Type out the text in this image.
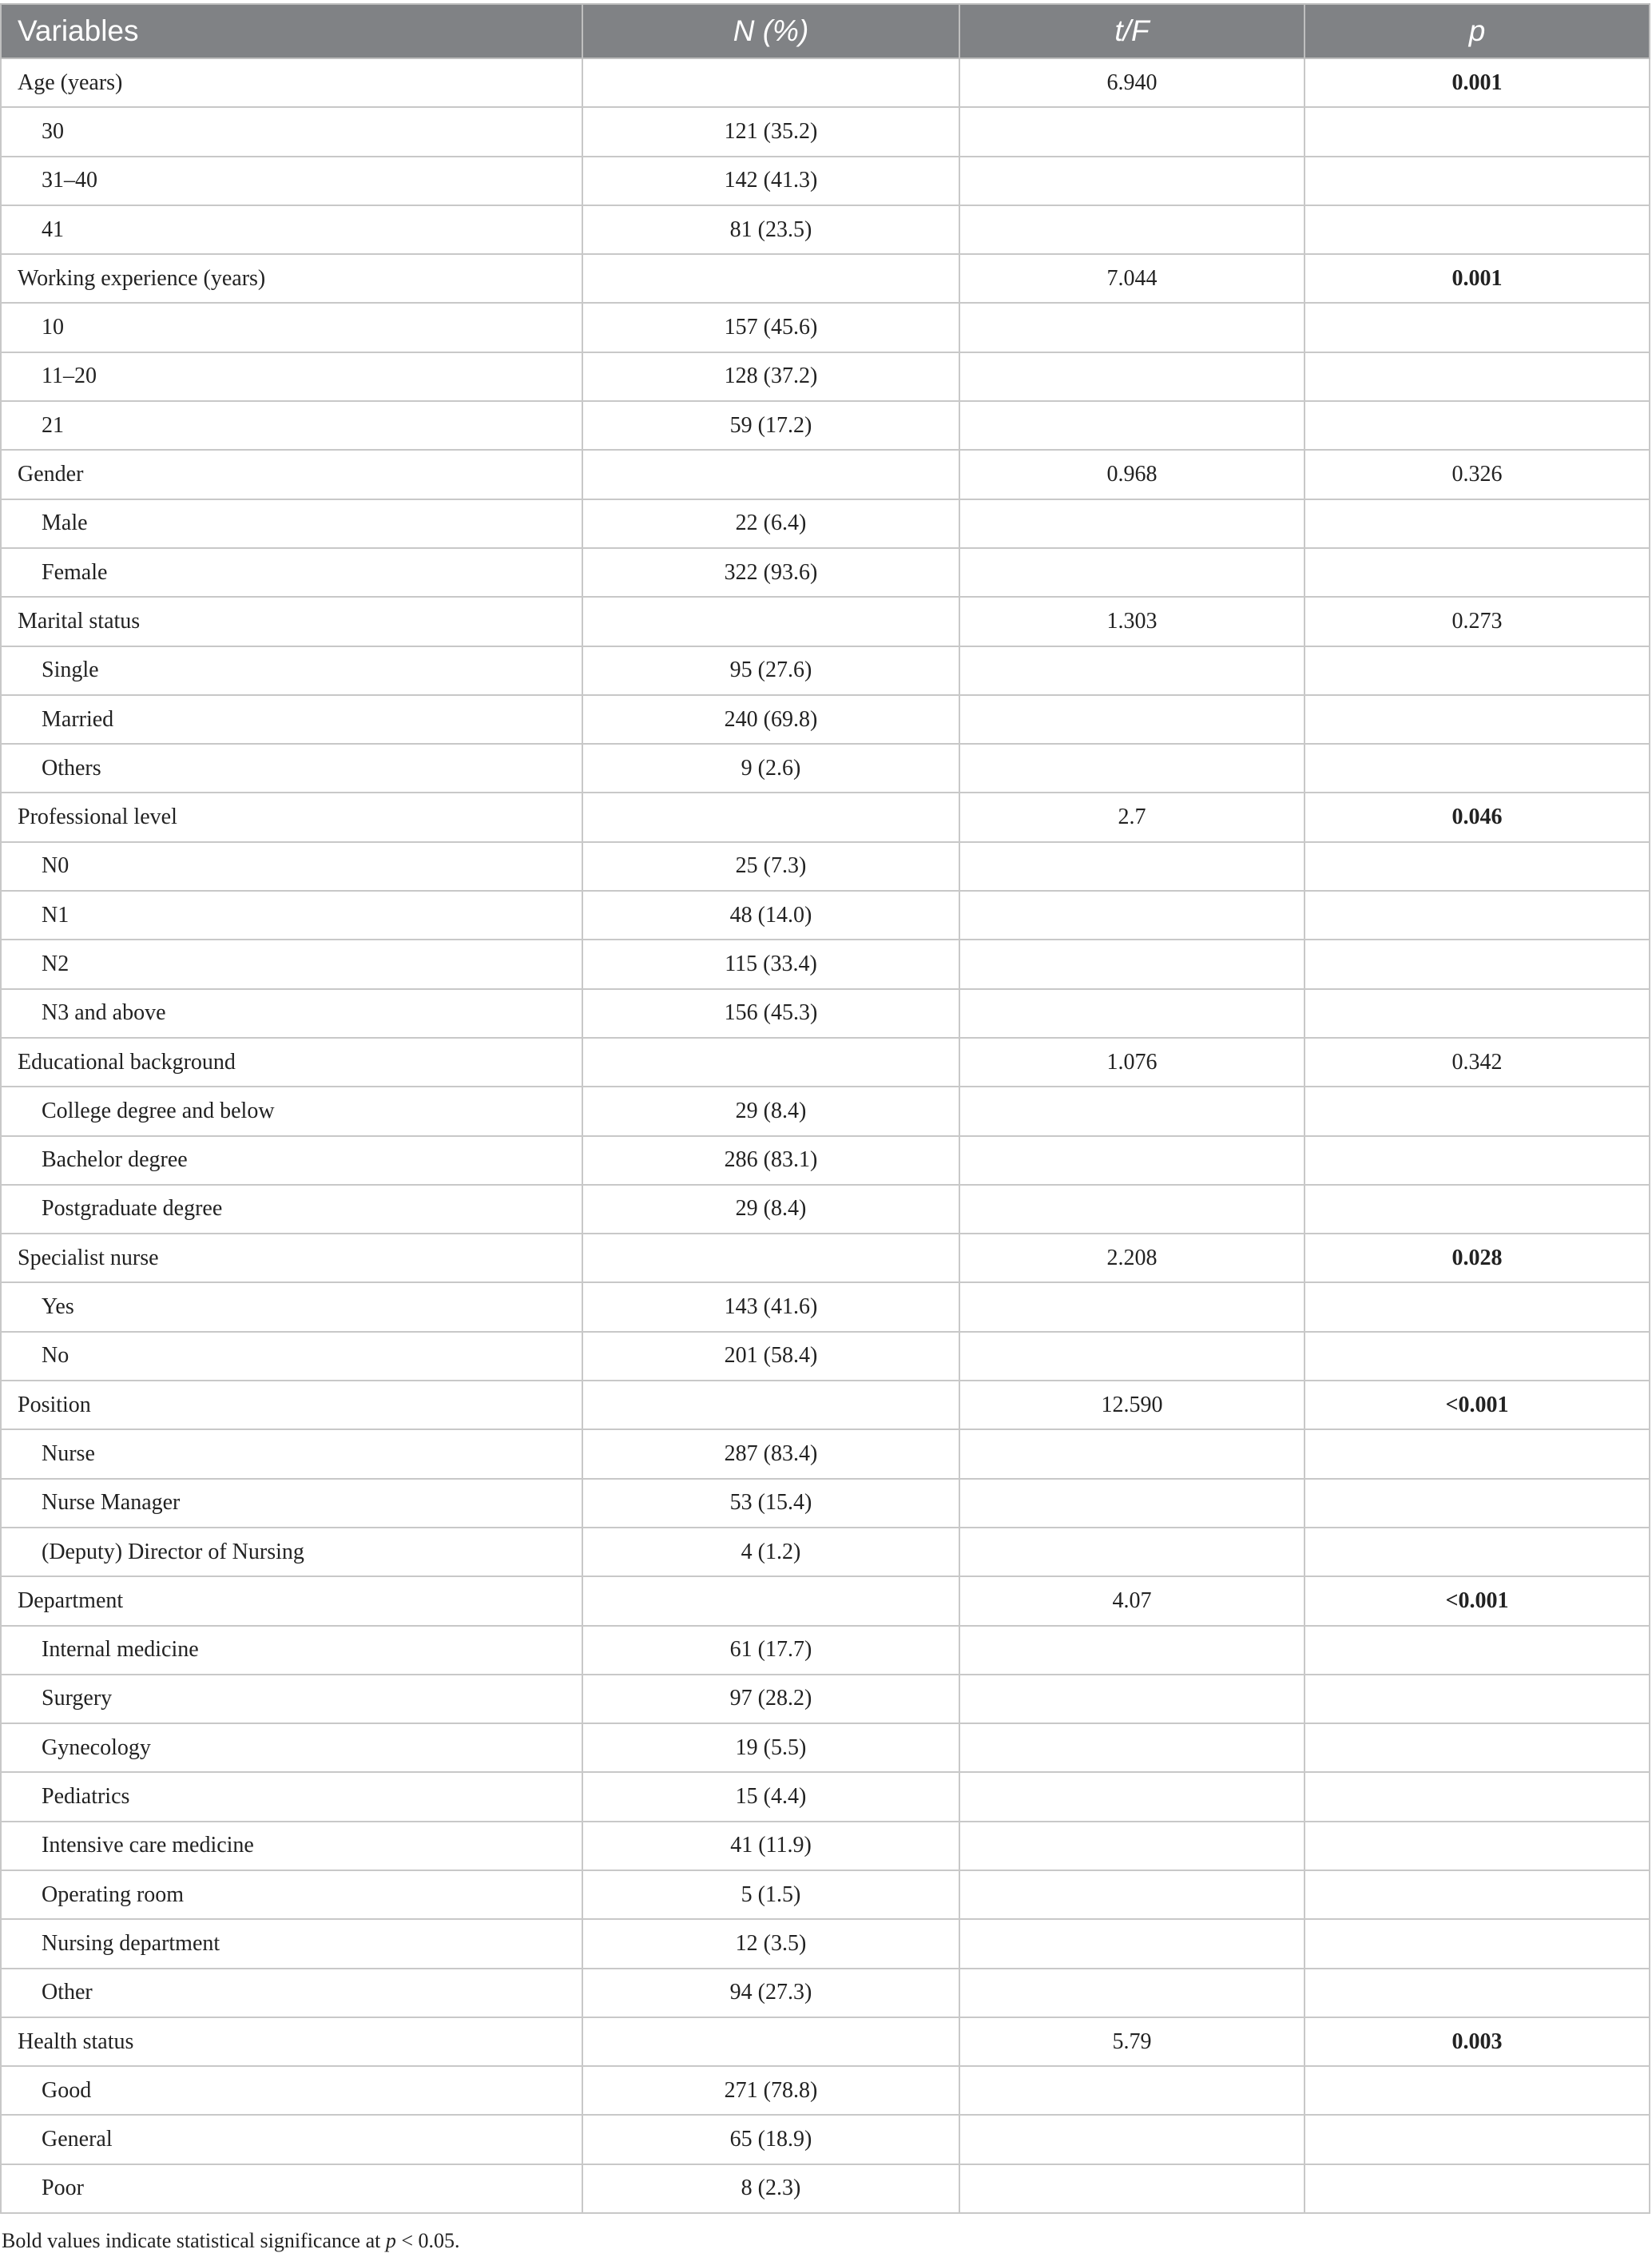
Variables	N (%)	t/F	p
Age (years)		6.940	0.001
30	121 (35.2)		
31–40	142 (41.3)		
41	81 (23.5)		
Working experience (years)		7.044	0.001
10	157 (45.6)		
11–20	128 (37.2)		
21	59 (17.2)		
Gender		0.968	0.326
Male	22 (6.4)		
Female	322 (93.6)		
Marital status		1.303	0.273
Single	95 (27.6)		
Married	240 (69.8)		
Others	9 (2.6)		
Professional level		2.7	0.046
N0	25 (7.3)		
N1	48 (14.0)		
N2	115 (33.4)		
N3 and above	156 (45.3)		
Educational background		1.076	0.342
College degree and below	29 (8.4)		
Bachelor degree	286 (83.1)		
Postgraduate degree	29 (8.4)		
Specialist nurse		2.208	0.028
Yes	143 (41.6)		
No	201 (58.4)		
Position		12.590	<0.001
Nurse	287 (83.4)		
Nurse Manager	53 (15.4)		
(Deputy) Director of Nursing	4 (1.2)		
Department		4.07	<0.001
Internal medicine	61 (17.7)		
Surgery	97 (28.2)		
Gynecology	19 (5.5)		
Pediatrics	15 (4.4)		
Intensive care medicine	41 (11.9)		
Operating room	5 (1.5)		
Nursing department	12 (3.5)		
Other	94 (27.3)		
Health status		5.79	0.003
Good	271 (78.8)		
General	65 (18.9)		
Poor	8 (2.3)		
Bold values indicate statistical significance at p < 0.05.
